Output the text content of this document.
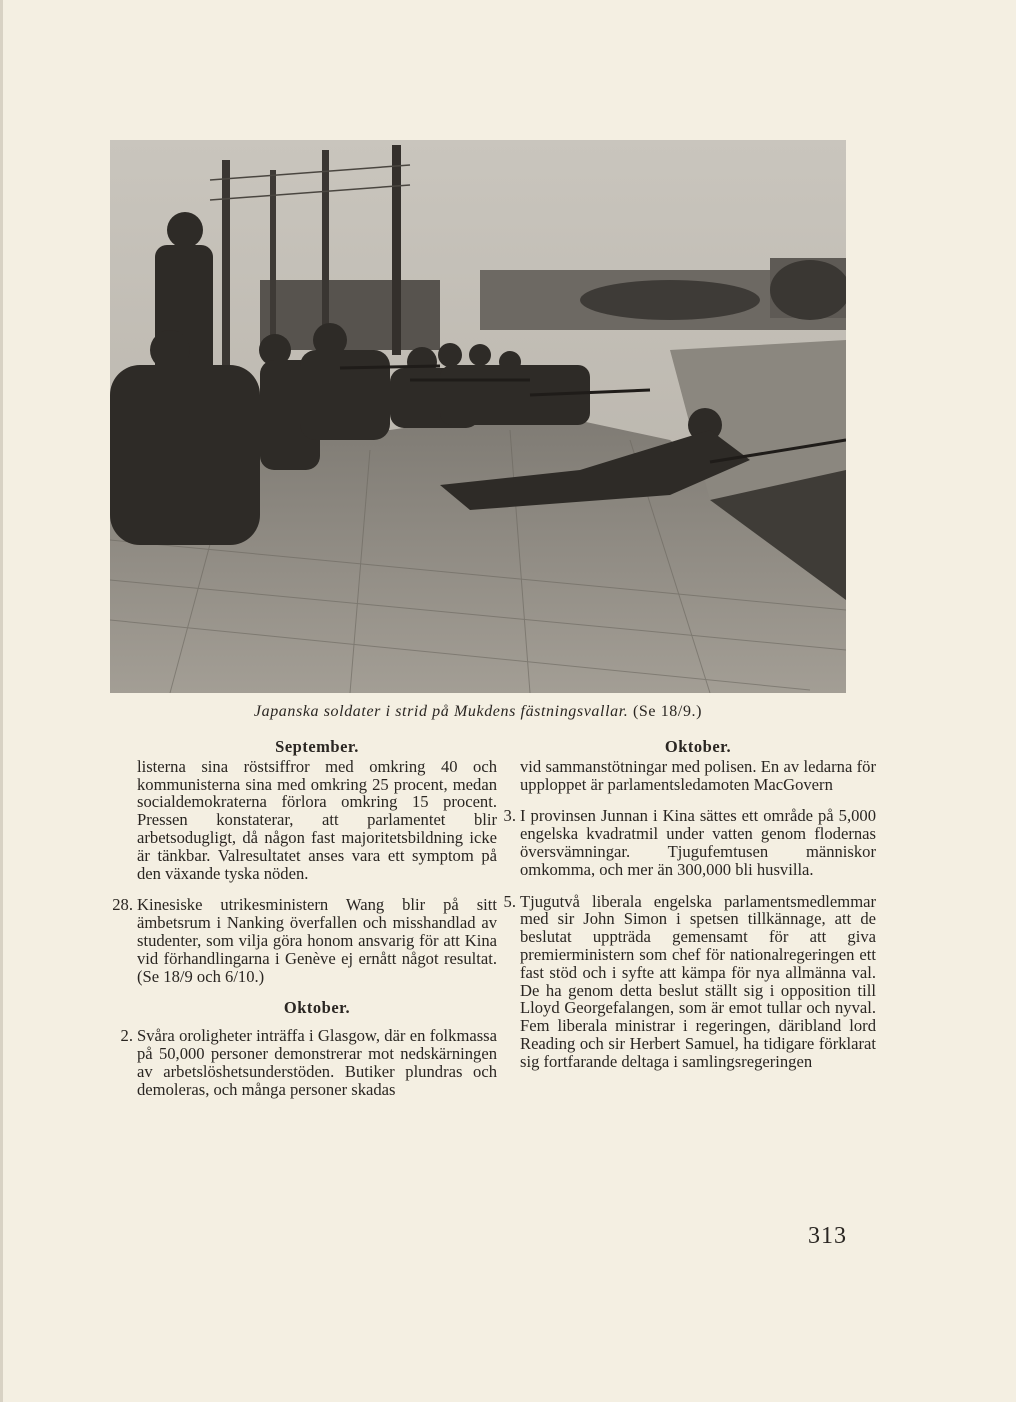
Japanska soldater i strid på Mukdens fästningsvallar. (Se 18/9.)
September.
listerna sina röstsiffror med omkring 40 och kommunisterna sina med omkring 25 procent, medan socialdemokraterna förlora omkring 15 procent. Pressen konstaterar, att parlamentet blir arbetsodugligt, då någon fast majoritetsbildning icke är tänkbar. Valresultatet anses vara ett symptom på den växande tyska nöden.
28. Kinesiske utrikesministern Wang blir på sitt ämbetsrum i Nanking överfallen och misshandlad av studenter, som vilja göra honom ansvarig för att Kina vid förhandlingarna i Genève ej ernått något resultat. (Se 18/9 och 6/10.)
Oktober.
2. Svåra oroligheter inträffa i Glasgow, där en folkmassa på 50,000 personer demonstrerar mot nedskärningen av arbetslöshetsunderstöden. Butiker plundras och demoleras, och många personer skadas
Oktober.
vid sammanstötningar med polisen. En av ledarna för upploppet är parlamentsledamoten MacGovern
3. I provinsen Junnan i Kina sättes ett område på 5,000 engelska kvadratmil under vatten genom flodernas översvämningar. Tjugufemtusen människor omkomma, och mer än 300,000 bli husvilla.
5. Tjugutvå liberala engelska parlamentsmedlemmar med sir John Simon i spetsen tillkännage, att de beslutat uppträda gemensamt för att giva premierministern som chef för nationalregeringen ett fast stöd och i syfte att kämpa för nya allmänna val. De ha genom detta beslut ställt sig i opposition till Lloyd Georgefalangen, som är emot tullar och nyval. Fem liberala ministrar i regeringen, däribland lord Reading och sir Herbert Samuel, ha tidigare förklarat sig fortfarande deltaga i samlingsregeringen
313
